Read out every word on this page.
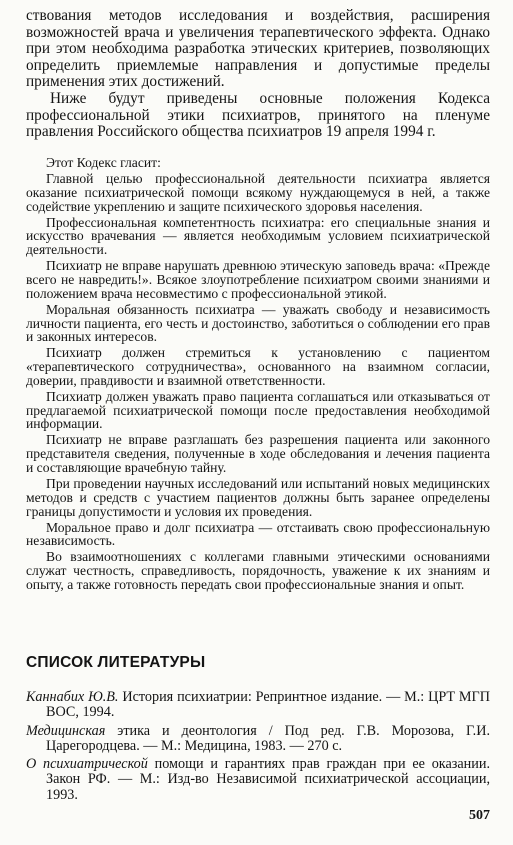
ствования методов исследования и воздействия, расширения возможностей врача и увеличения терапевтического эффекта. Однако при этом необходима разработка этических критериев, позволяющих определить приемлемые направления и допустимые пределы применения этих достижений.

Ниже будут приведены основные положения Кодекса профессиональной этики психиатров, принятого на пленуме правления Российского общества психиатров 19 апреля 1994 г.

Этот Кодекс гласит:

Главной целью профессиональной деятельности психиатра является оказание психиатрической помощи всякому нуждающемуся в ней, а также содействие укреплению и защите психического здоровья населения.

Профессиональная компетентность психиатра: его специальные знания и искусство врачевания — является необходимым условием психиатрической деятельности.

Психиатр не вправе нарушать древнюю этическую заповедь врача: «Прежде всего не навредить!». Всякое злоупотребление психиатром своими знаниями и положением врача несовместимо с профессиональной этикой.

Моральная обязанность психиатра — уважать свободу и независимость личности пациента, его честь и достоинство, заботиться о соблюдении его прав и законных интересов.

Психиатр должен стремиться к установлению с пациентом «терапевтического сотрудничества», основанного на взаимном согласии, доверии, правдивости и взаимной ответственности.

Психиатр должен уважать право пациента соглашаться или отказываться от предлагаемой психиатрической помощи после предоставления необходимой информации.

Психиатр не вправе разглашать без разрешения пациента или законного представителя сведения, полученные в ходе обследования и лечения пациента и составляющие врачебную тайну.

При проведении научных исследований или испытаний новых медицинских методов и средств с участием пациентов должны быть заранее определены границы допустимости и условия их проведения.

Моральное право и долг психиатра — отстаивать свою профессиональную независимость.

Во взаимоотношениях с коллегами главными этическими основаниями служат честность, справедливость, порядочность, уважение к их знаниям и опыту, а также готовность передать свои профессиональные знания и опыт.

СПИСОК ЛИТЕРАТУРЫ
Каннабих Ю.В. История психиатрии: Репринтное издание. — М.: ЦРТ МГП ВОС, 1994.
Медицинская этика и деонтология / Под ред. Г.В. Морозова, Г.И. Царегородцева. — М.: Медицина, 1983. — 270 с.
О психиатрической помощи и гарантиях прав граждан при ее оказании. Закон РФ. — М.: Изд-во Независимой психиатрической ассоциации, 1993.
507
